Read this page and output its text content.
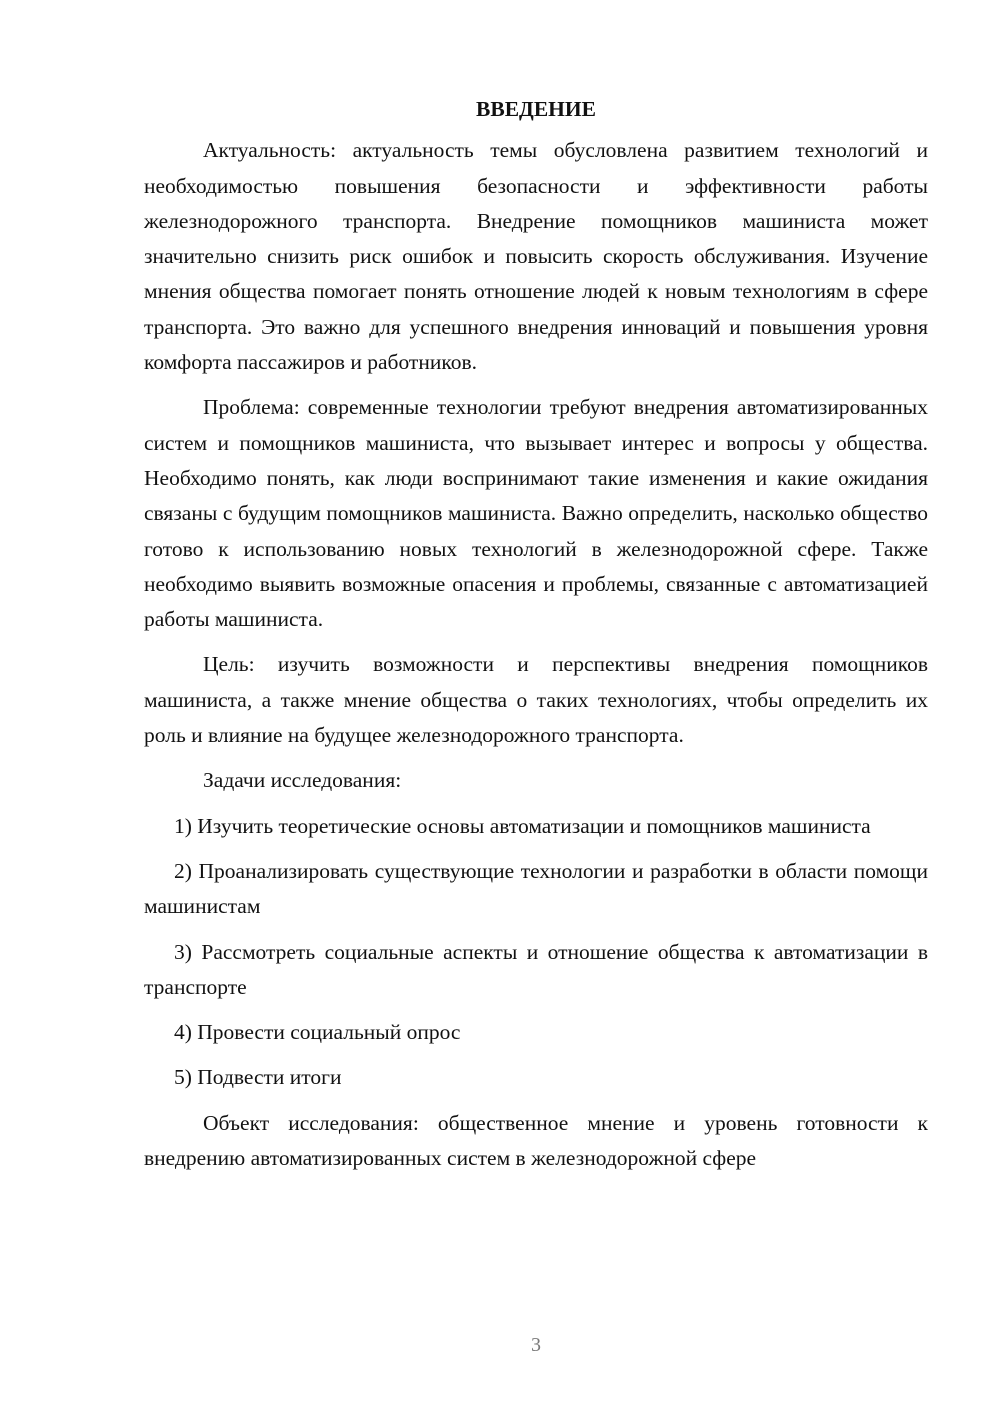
ВВЕДЕНИЕ

Актуальность: актуальность темы обусловлена развитием технологий и необходимостью повышения безопасности и эффективности работы железнодорожного транспорта. Внедрение помощников машиниста может значительно снизить риск ошибок и повысить скорость обслуживания. Изучение мнения общества помогает понять отношение людей к новым технологиям в сфере транспорта. Это важно для успешного внедрения инноваций и повышения уровня комфорта пассажиров и работников.

Проблема: современные технологии требуют внедрения автоматизированных систем и помощников машиниста, что вызывает интерес и вопросы у общества. Необходимо понять, как люди воспринимают такие изменения и какие ожидания связаны с будущим помощников машиниста. Важно определить, насколько общество готово к использованию новых технологий в железнодорожной сфере. Также необходимо выявить возможные опасения и проблемы, связанные с автоматизацией работы машиниста.

Цель: изучить возможности и перспективы внедрения помощников машиниста, а также мнение общества о таких технологиях, чтобы определить их роль и влияние на будущее железнодорожного транспорта.

Задачи исследования:

1) Изучить теоретические основы автоматизации и помощников машиниста

2) Проанализировать существующие технологии и разработки в области помощи машинистам

3) Рассмотреть социальные аспекты и отношение общества к автоматизации в транспорте

4) Провести социальный опрос

5) Подвести итоги

Объект исследования: общественное мнение и уровень готовности к внедрению автоматизированных систем в железнодорожной сфере

3
